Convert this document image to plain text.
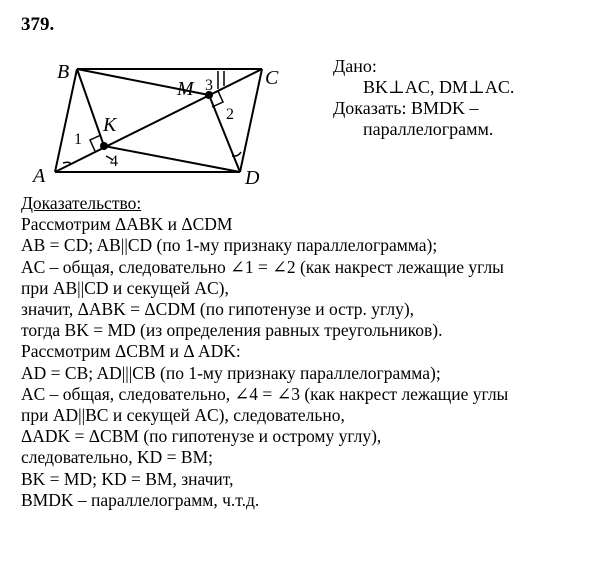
379.
B	C
A	D
K
M
1
2
3
4
Дано:
BK⊥AC, DM⊥AC.
Доказать: BMDK –
параллелограмм.
Доказательство:
Рассмотрим ΔABK и ΔCDM
AB = CD; AB||CD (по 1-му признаку параллелограмма);
AC – общая, следовательно ∠1 = ∠2 (как накрест лежащие углы
при AB||CD и секущей AC),
значит, ΔABK = ΔCDM (по гипотенузе и остр. углу),
тогда BK = MD (из определения равных треугольников).
Рассмотрим ΔCBM и Δ ADK:
AD = CB; AD|||CB (по 1-му признаку параллелограмма);
AC – общая, следовательно, ∠4 = ∠3 (как накрест лежащие углы
при AD||BC и секущей AC), следовательно,
ΔADK = ΔCBM (по гипотенузе и острому углу),
следовательно, KD = BM;
BK = MD; KD = BM, значит,
BMDK – параллелограмм, ч.т.д.
